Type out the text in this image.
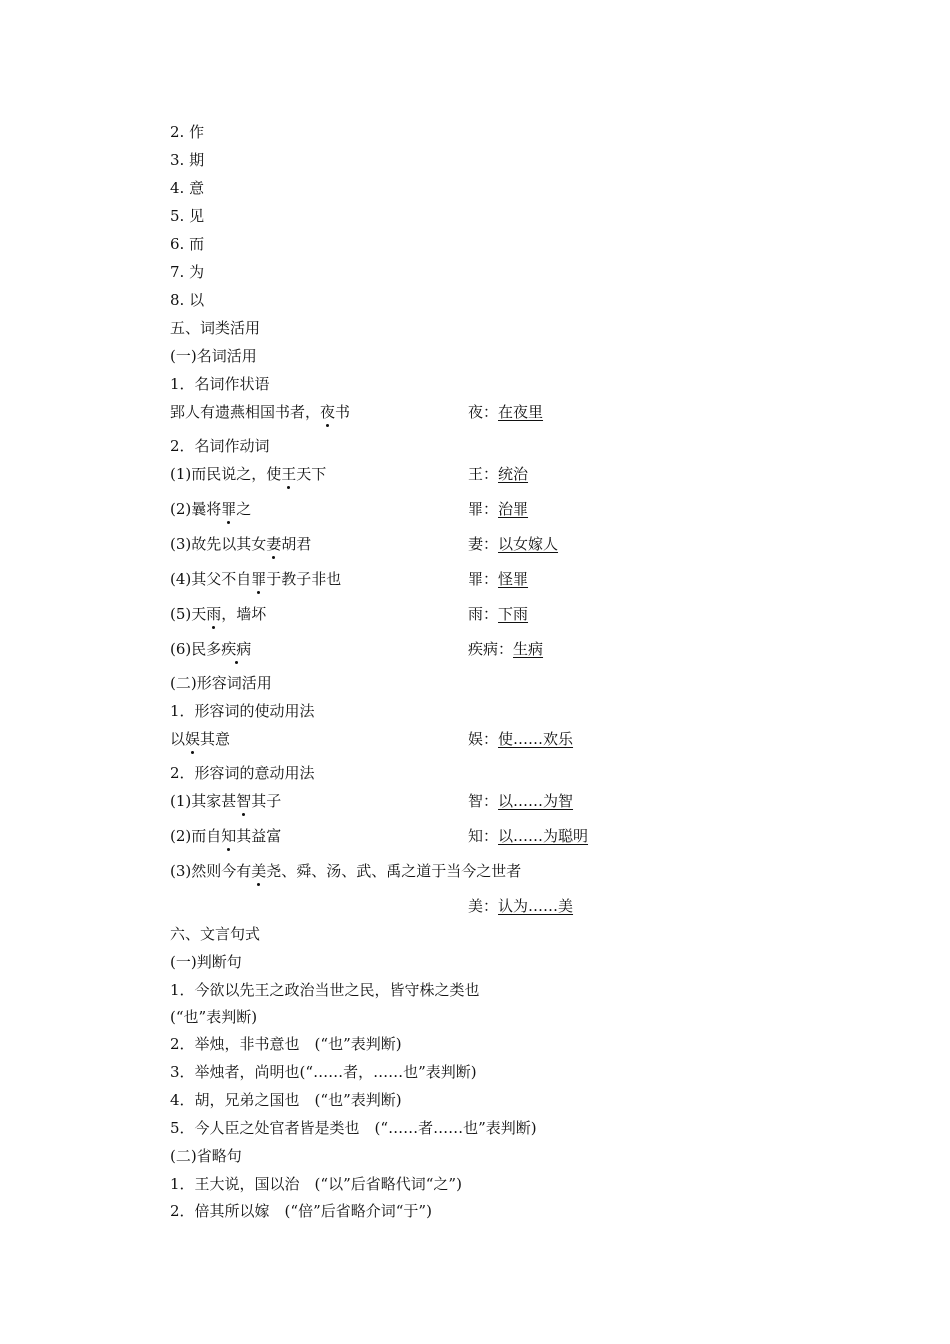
2. 作
3. 期
4. 意
5. 见
6. 而
7. 为
8. 以
五、词类活用
(一)名词活用
1．名词作状语
郢人有遗燕相国书者，夜书	夜：在夜里
2．名词作动词
(1)而民说之，使王天下	王：统治
(2)曩将罪之	罪：治罪
(3)故先以其女妻胡君	妻：以女嫁人
(4)其父不自罪于教子非也	罪：怪罪
(5)天雨，墙坏	雨：下雨
(6)民多疾病	疾病：生病
(二)形容词活用
1．形容词的使动用法
以娱其意	娱：使……欢乐
2．形容词的意动用法
(1)其家甚智其子	智：以……为智
(2)而自知其益富	知：以……为聪明
(3)然则今有美尧、舜、汤、武、禹之道于当今之世者
美：认为……美
六、文言句式
(一)判断句
1．今欲以先王之政治当世之民，皆守株之类也
(“也”表判断)
2．举烛，非书意也　(“也”表判断)
3．举烛者，尚明也(“……者，……也”表判断)
4．胡，兄弟之国也　(“也”表判断)
5．今人臣之处官者皆是类也　(“……者……也”表判断)
(二)省略句
1．王大说，国以治　(“以”后省略代词“之”)
2．倍其所以嫁　(“倍”后省略介词“于”)
